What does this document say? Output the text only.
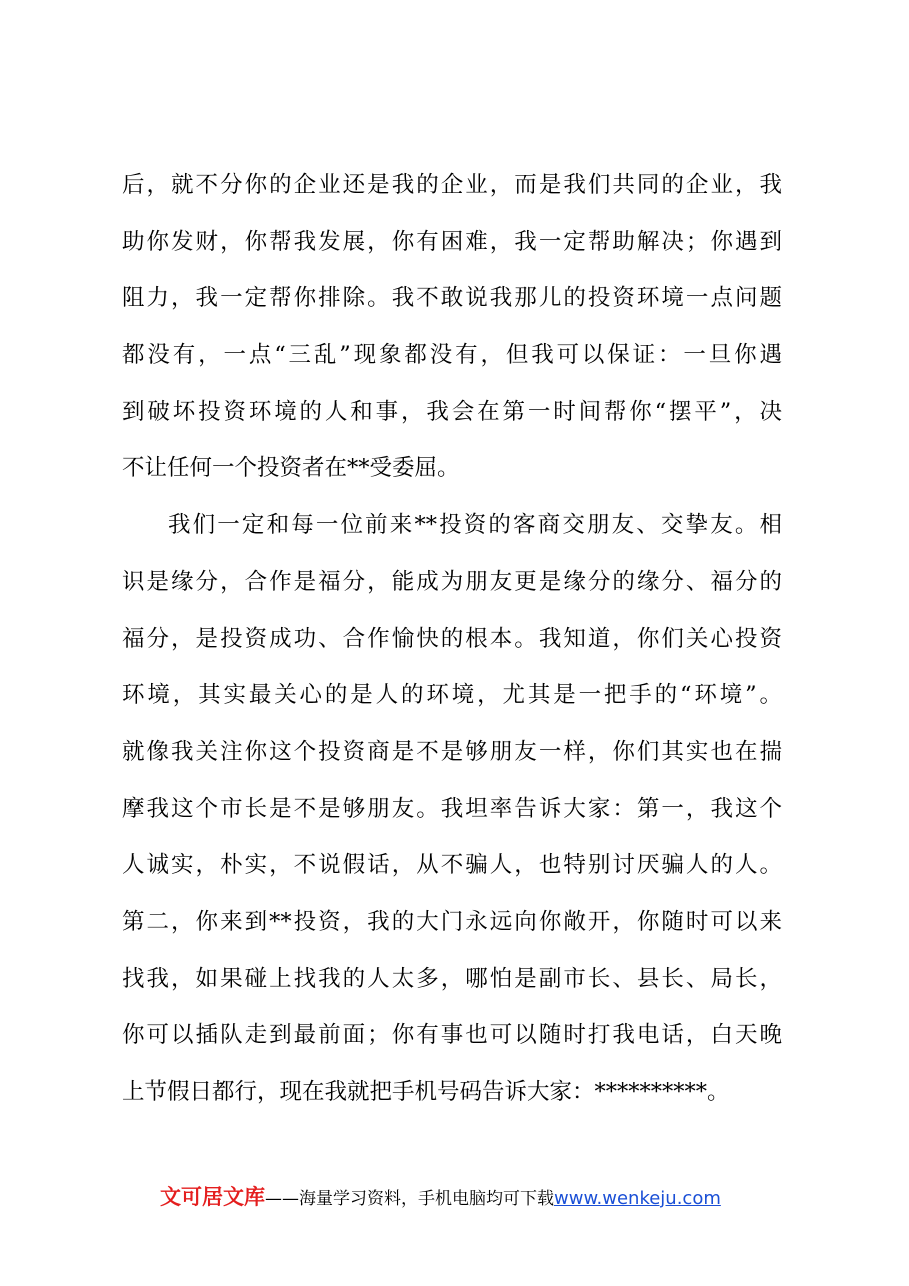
后，就不分你的企业还是我的企业，而是我们共同的企业，我
助你发财，你帮我发展，你有困难，我一定帮助解决；你遇到
阻力，我一定帮你排除。我不敢说我那儿的投资环境一点问题
都没有，一点“三乱”现象都没有，但我可以保证：一旦你遇
到破坏投资环境的人和事，我会在第一时间帮你“摆平”，决
不让任何一个投资者在**受委屈。
我们一定和每一位前来**投资的客商交朋友、交挚友。相
识是缘分，合作是福分，能成为朋友更是缘分的缘分、福分的
福分，是投资成功、合作愉快的根本。我知道，你们关心投资
环境，其实最关心的是人的环境，尤其是一把手的“环境”。
就像我关注你这个投资商是不是够朋友一样，你们其实也在揣
摩我这个市长是不是够朋友。我坦率告诉大家：第一，我这个
人诚实，朴实，不说假话，从不骗人，也特别讨厌骗人的人。
第二，你来到**投资，我的大门永远向你敞开，你随时可以来
找我，如果碰上找我的人太多，哪怕是副市长、县长、局长，
你可以插队走到最前面；你有事也可以随时打我电话，白天晚
上节假日都行，现在我就把手机号码告诉大家：**********。
文可居文库——海量学习资料，手机电脑均可下载www.wenkeju.com
